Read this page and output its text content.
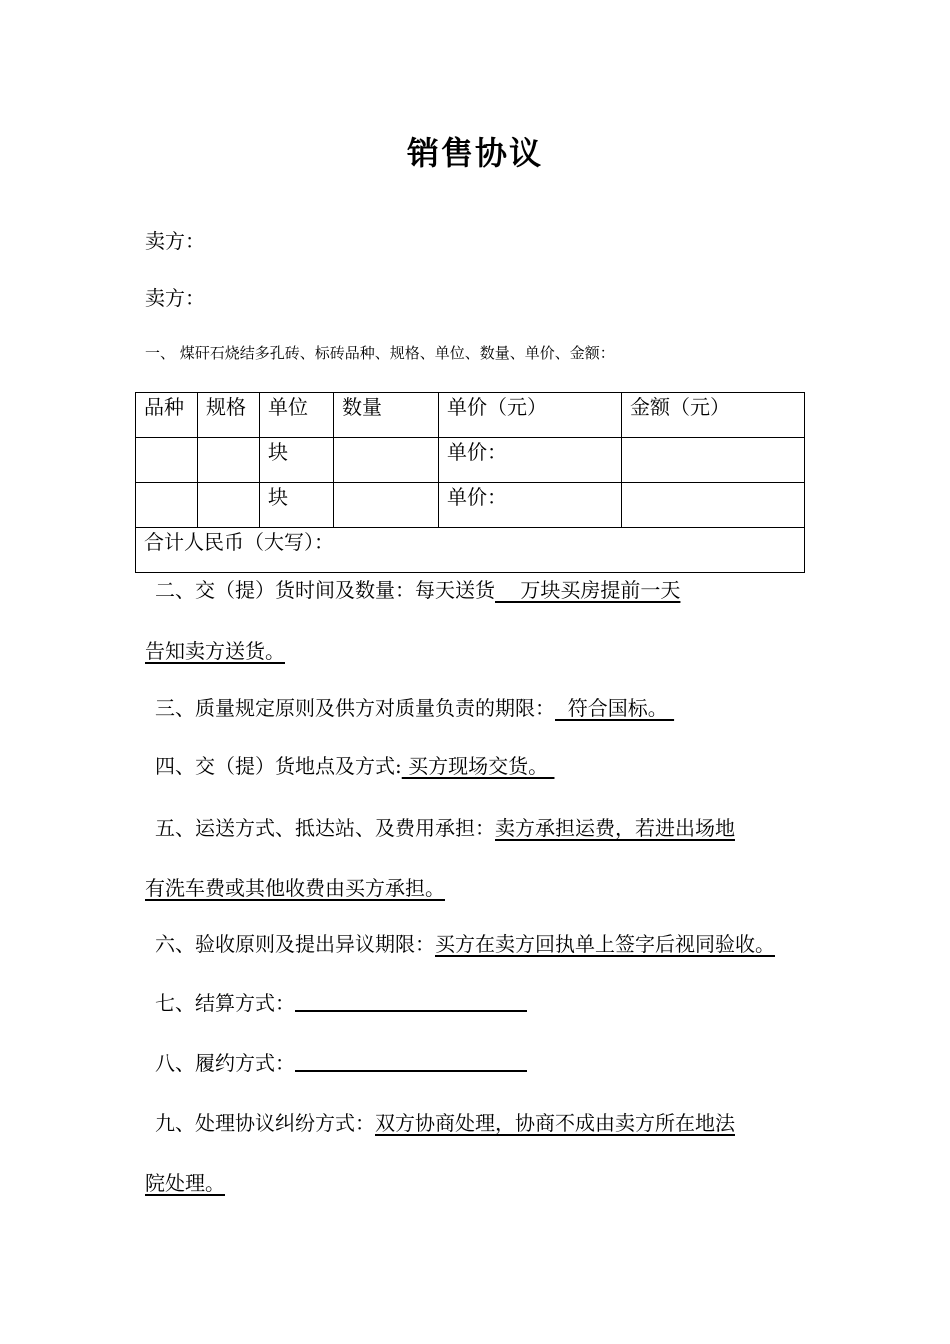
销售协议
卖方：
卖方：
一、 煤矸石烧结多孔砖、标砖品种、规格、单位、数量、单价、金额：
品种	规格	单位	数量	单价（元）	金额（元）
		块		单价：	
		块		单价：	
合计人民币（大写）：					
二、交（提）货时间及数量：每天送货    万块买房提前一天
告知卖方送货。
三、质量规定原则及供方对质量负责的期限：  符合国标。
四、交（提）货地点及方式: 买方现场交货。
五、运送方式、抵达站、及费用承担：卖方承担运费，若进出场地
有洗车费或其他收费由买方承担。
六、验收原则及提出异议期限：买方在卖方回执单上签字后视同验收。
七、结算方式：
八、履约方式：
九、处理协议纠纷方式：双方协商处理，协商不成由卖方所在地法
院处理。
